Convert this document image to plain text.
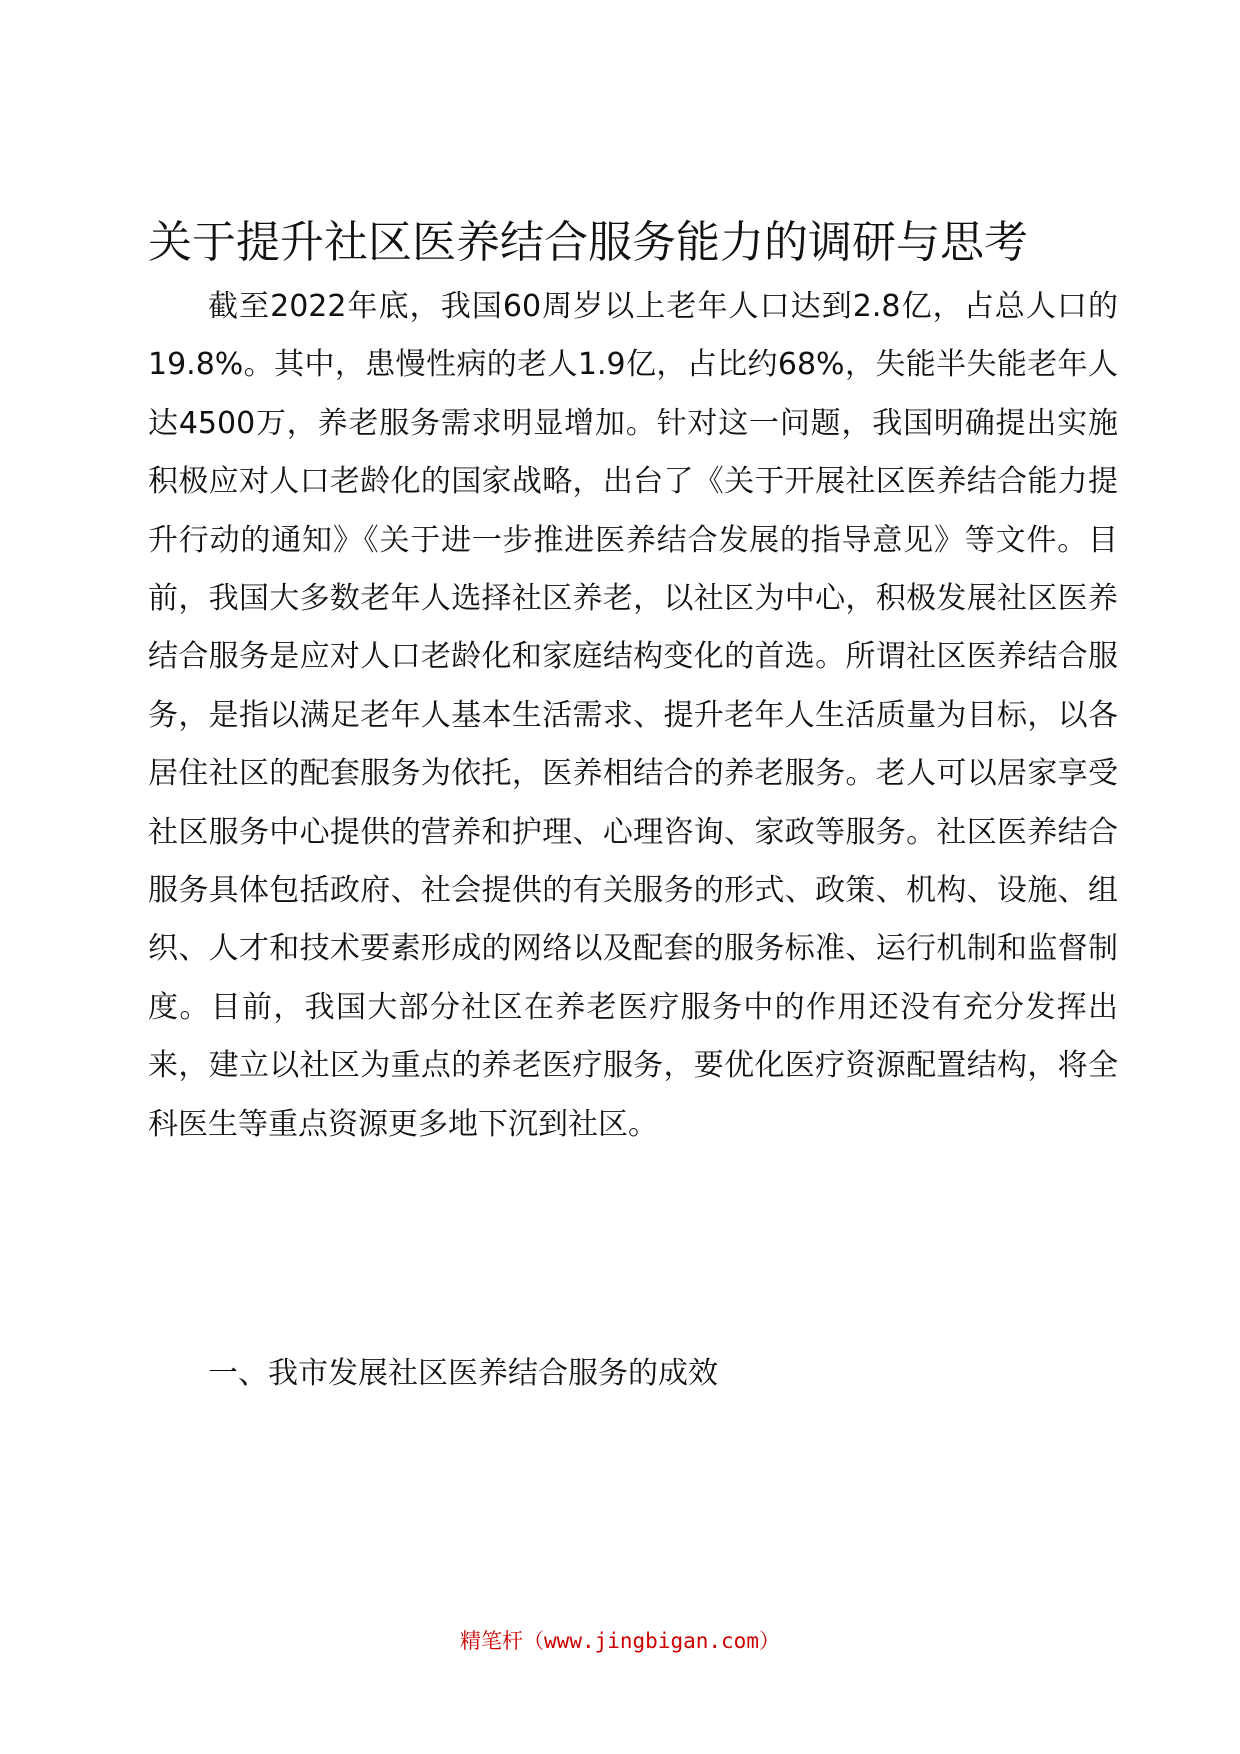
关于提升社区医养结合服务能力的调研与思考

截至2022年底，我国60周岁以上老年人口达到2.8亿，占总人口的19.8%。其中，患慢性病的老人1.9亿，占比约68%，失能半失能老年人达4500万，养老服务需求明显增加。针对这一问题，我国明确提出实施积极应对人口老龄化的国家战略，出台了《关于开展社区医养结合能力提升行动的通知》《关于进一步推进医养结合发展的指导意见》等文件。目前，我国大多数老年人选择社区养老，以社区为中心，积极发展社区医养结合服务是应对人口老龄化和家庭结构变化的首选。所谓社区医养结合服务，是指以满足老年人基本生活需求、提升老年人生活质量为目标，以各居住社区的配套服务为依托，医养相结合的养老服务。老人可以居家享受社区服务中心提供的营养和护理、心理咨询、家政等服务。社区医养结合服务具体包括政府、社会提供的有关服务的形式、政策、机构、设施、组织、人才和技术要素形成的网络以及配套的服务标准、运行机制和监督制度。目前，我国大部分社区在养老医疗服务中的作用还没有充分发挥出来，建立以社区为重点的养老医疗服务，要优化医疗资源配置结构，将全科医生等重点资源更多地下沉到社区。

一、我市发展社区医养结合服务的成效
精笔杆（www.jingbigan.com）
